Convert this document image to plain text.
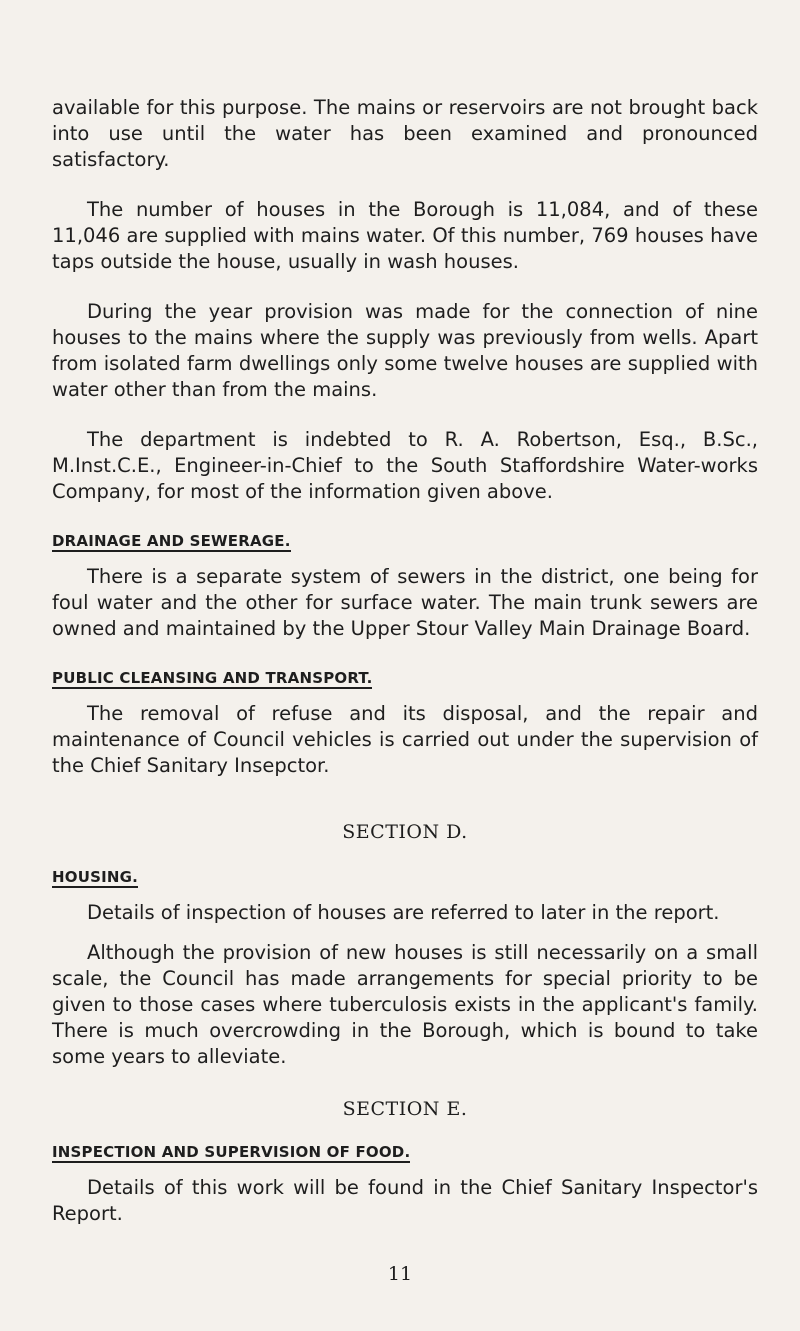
available for this purpose. The mains or reservoirs are not brought back into use until the water has been examined and pronounced satisfactory.

The number of houses in the Borough is 11,084, and of these 11,046 are supplied with mains water. Of this number, 769 houses have taps outside the house, usually in wash houses.

During the year provision was made for the connection of nine houses to the mains where the supply was previously from wells. Apart from isolated farm dwellings only some twelve houses are supplied with water other than from the mains.

The department is indebted to R. A. Robertson, Esq., B.Sc., M.Inst.C.E., Engineer-in-Chief to the South Staffordshire Water-works Company, for most of the information given above.

DRAINAGE AND SEWERAGE.

There is a separate system of sewers in the district, one being for foul water and the other for surface water. The main trunk sewers are owned and maintained by the Upper Stour Valley Main Drainage Board.

PUBLIC CLEANSING AND TRANSPORT.

The removal of refuse and its disposal, and the repair and maintenance of Council vehicles is carried out under the supervision of the Chief Sanitary Insepctor.

SECTION D.

HOUSING.

Details of inspection of houses are referred to later in the report.

Although the provision of new houses is still necessarily on a small scale, the Council has made arrangements for special priority to be given to those cases where tuberculosis exists in the applicant's family. There is much overcrowding in the Borough, which is bound to take some years to alleviate.

SECTION E.

INSPECTION AND SUPERVISION OF FOOD.

Details of this work will be found in the Chief Sanitary Inspector's Report.

11
